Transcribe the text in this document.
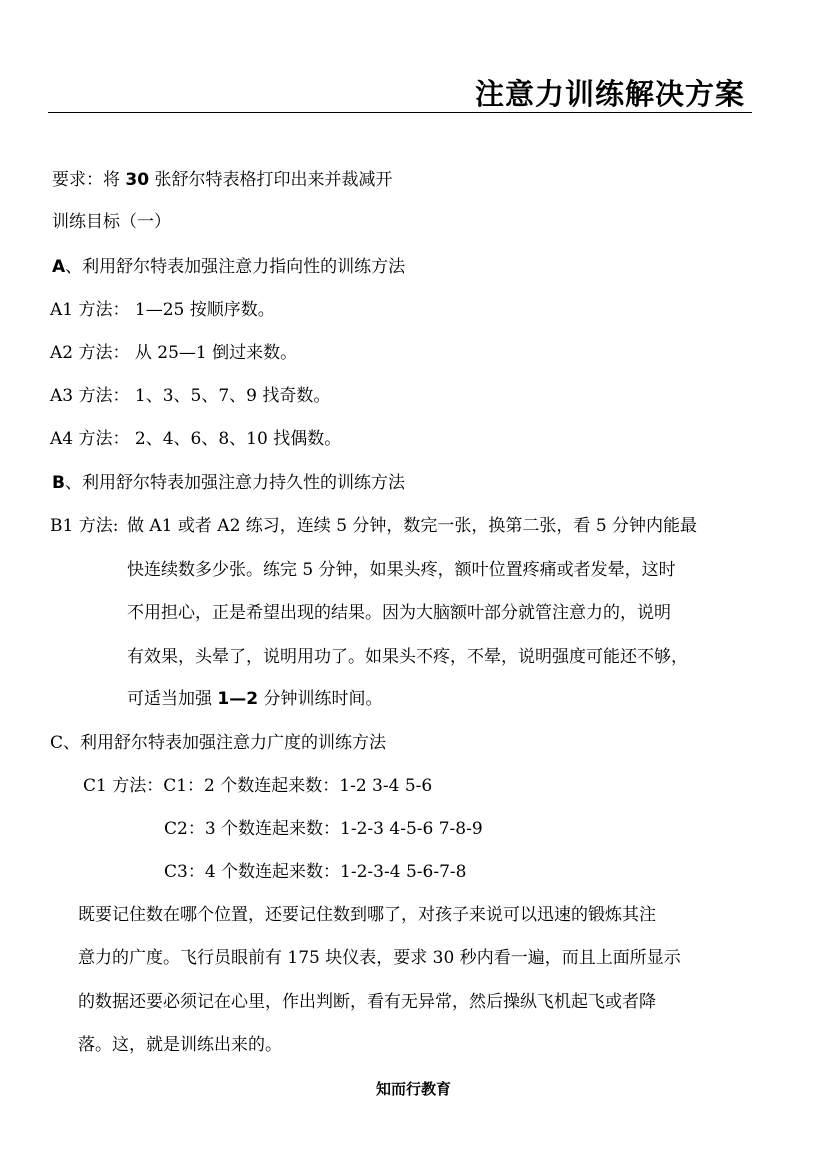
注意力训练解决方案
要求：将 30 张舒尔特表格打印出来并裁减开
训练目标（一）
A、利用舒尔特表加强注意力指向性的训练方法
A1 方法： 1—25 按顺序数。
A2 方法： 从 25—1 倒过来数。
A3 方法： 1、3、5、7、9 找奇数。
A4 方法： 2、4、6、8、10 找偶数。
B、利用舒尔特表加强注意力持久性的训练方法
B1 方法: 做 A1 或者 A2 练习，连续 5 分钟，数完一张，换第二张，看 5 分钟内能最
快连续数多少张。练完 5 分钟，如果头疼，额叶位置疼痛或者发晕，这时
不用担心，正是希望出现的结果。因为大脑额叶部分就管注意力的，说明
有效果，头晕了，说明用功了。如果头不疼，不晕，说明强度可能还不够，
可适当加强 1—2 分钟训练时间。
C、利用舒尔特表加强注意力广度的训练方法
C1 方法：C1：2 个数连起来数：1-2 3-4 5-6
C2：3 个数连起来数：1-2-3 4-5-6 7-8-9
C3：4 个数连起来数：1-2-3-4 5-6-7-8
既要记住数在哪个位置，还要记住数到哪了，对孩子来说可以迅速的锻炼其注
意力的广度。飞行员眼前有 175 块仪表，要求 30 秒内看一遍，而且上面所显示
的数据还要必须记在心里，作出判断，看有无异常，然后操纵飞机起飞或者降
落。这，就是训练出来的。
知而行教育
